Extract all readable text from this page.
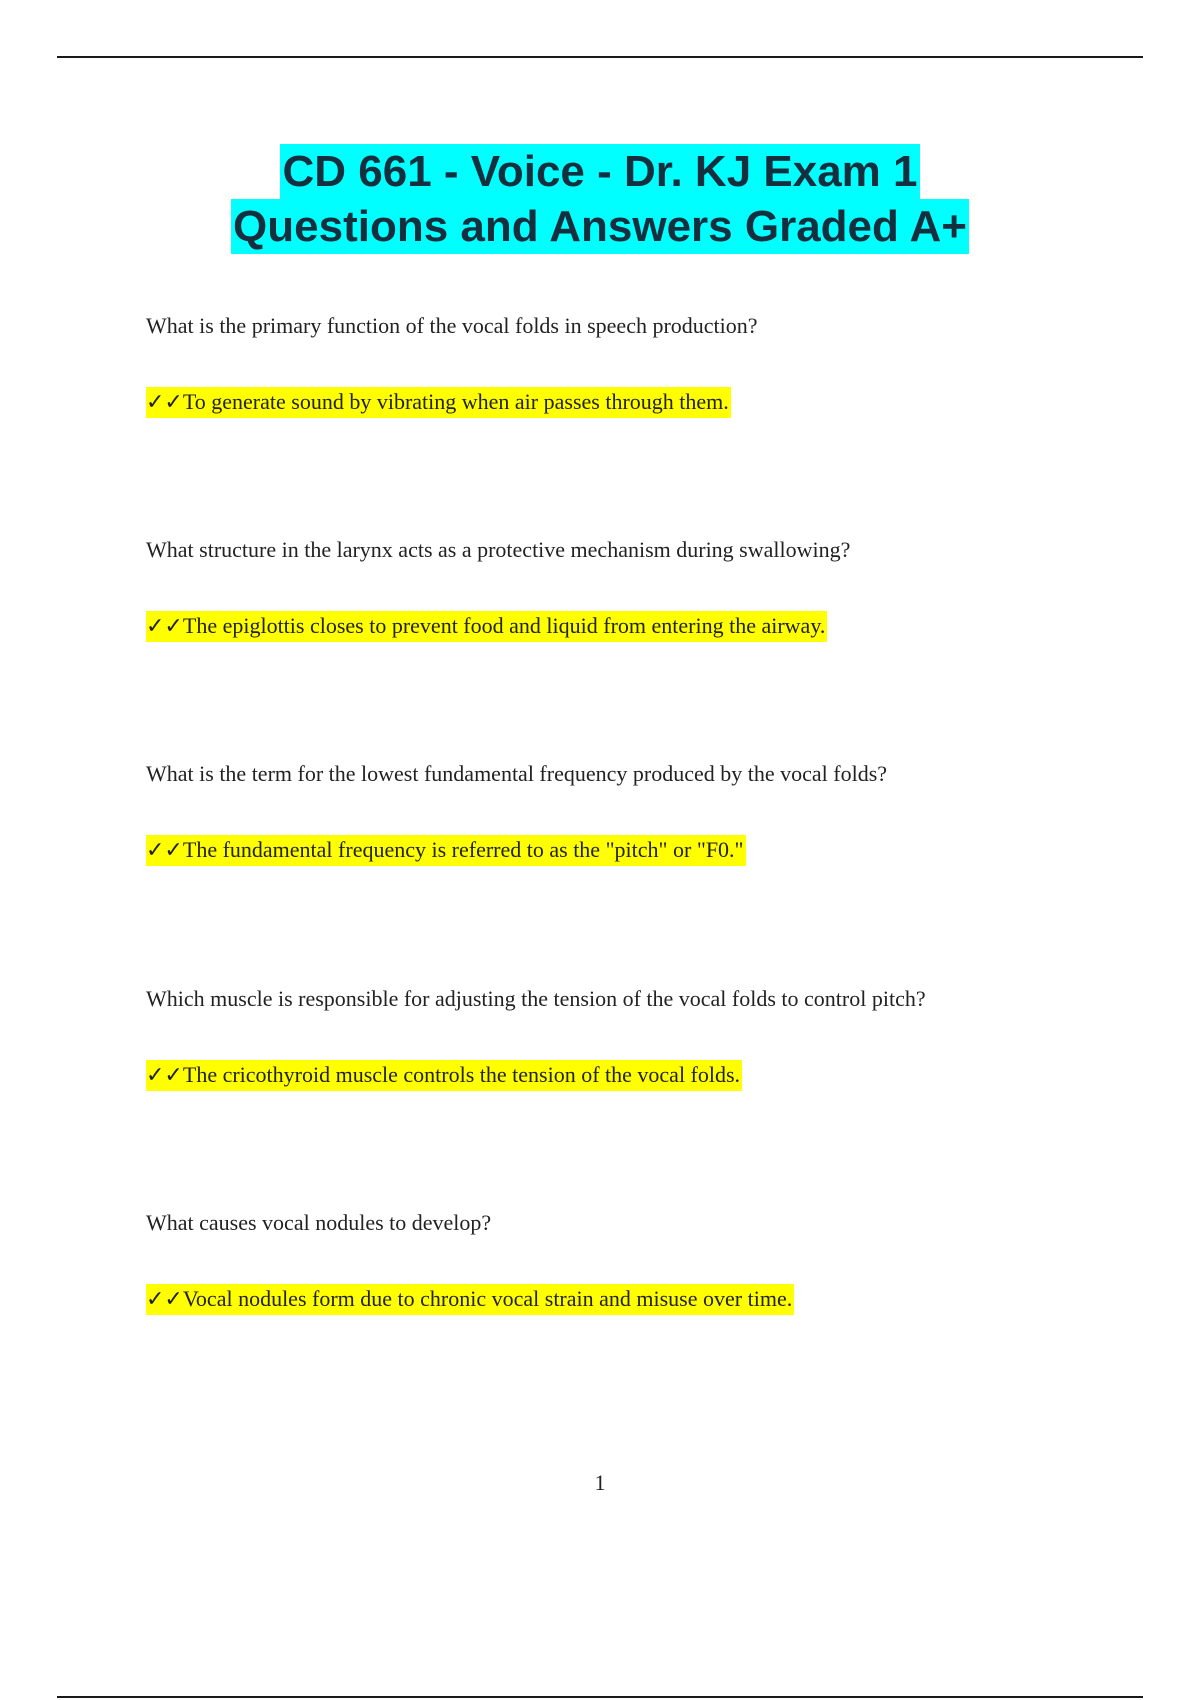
CD 661 - Voice - Dr. KJ Exam 1
Questions and Answers Graded A+
What is the primary function of the vocal folds in speech production?
✓✓To generate sound by vibrating when air passes through them.
What structure in the larynx acts as a protective mechanism during swallowing?
✓✓The epiglottis closes to prevent food and liquid from entering the airway.
What is the term for the lowest fundamental frequency produced by the vocal folds?
✓✓The fundamental frequency is referred to as the "pitch" or "F0."
Which muscle is responsible for adjusting the tension of the vocal folds to control pitch?
✓✓The cricothyroid muscle controls the tension of the vocal folds.
What causes vocal nodules to develop?
✓✓Vocal nodules form due to chronic vocal strain and misuse over time.
1
